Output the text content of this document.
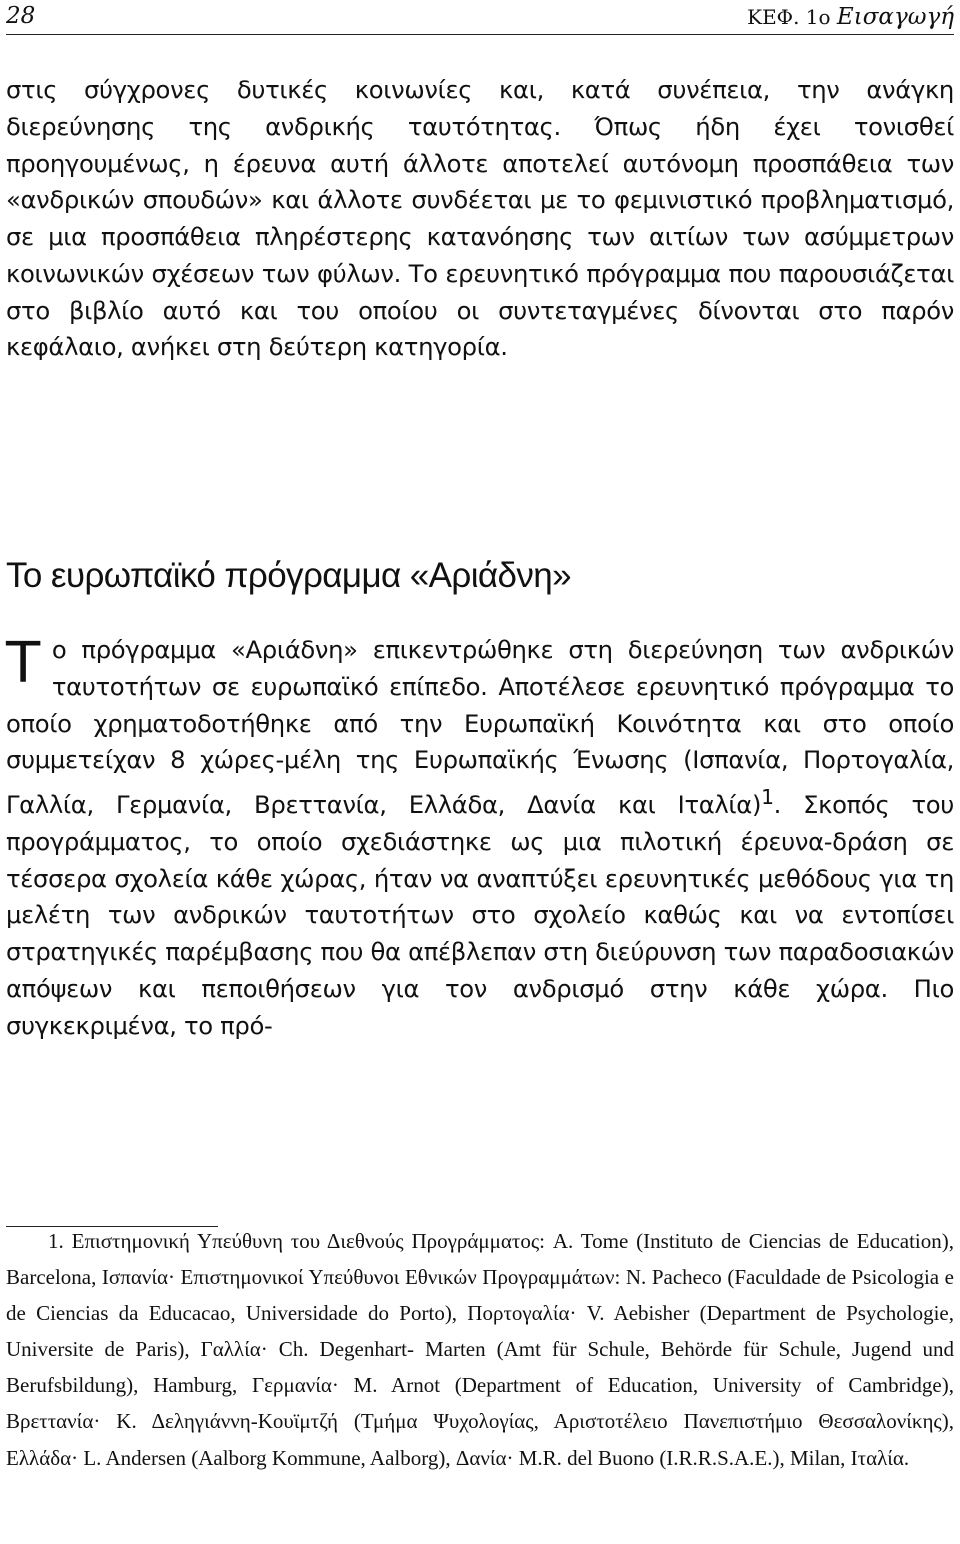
28	ΚΕΦ. 1ο Εισαγωγή

στις σύγχρονες δυτικές κοινωνίες και, κατά συνέπεια, την ανάγκη διερεύνησης της ανδρικής ταυτότητας. Όπως ήδη έχει τονισθεί προηγουμένως, η έρευνα αυτή άλλοτε αποτελεί αυτόνομη προσπάθεια των «ανδρικών σπουδών» και άλλοτε συνδέεται με το φεμινιστικό προβληματισμό, σε μια προσπάθεια πληρέστερης κατανόησης των αιτίων των ασύμμετρων κοινωνικών σχέσεων των φύλων. Το ερευνητικό πρόγραμμα που παρουσιάζεται στο βιβλίο αυτό και του οποίου οι συντεταγμένες δίνονται στο παρόν κεφάλαιο, ανήκει στη δεύτερη κατηγορία.

Το ευρωπαϊκό πρόγραμμα «Αριάδνη»

Το πρόγραμμα «Αριάδνη» επικεντρώθηκε στη διερεύνηση των ανδρικών ταυτοτήτων σε ευρωπαϊκό επίπεδο. Αποτέλεσε ερευνητικό πρόγραμμα το οποίο χρηματοδοτήθηκε από την Ευρωπαϊκή Κοινότητα και στο οποίο συμμετείχαν 8 χώρες-μέλη της Ευρωπαϊκής Ένωσης (Ισπανία, Πορτογαλία, Γαλλία, Γερμανία, Βρεττανία, Ελλάδα, Δανία και Ιταλία)$^1$. Σκοπός του προγράμματος, το οποίο σχεδιάστηκε ως μια πιλοτική έρευνα-δράση σε τέσσερα σχολεία κάθε χώρας, ήταν να αναπτύξει ερευνητικές μεθόδους για τη μελέτη των ανδρικών ταυτοτήτων στο σχολείο καθώς και να εντοπίσει στρατηγικές παρέμβασης που θα απέβλεπαν στη διεύρυνση των παραδοσιακών απόψεων και πεποιθήσεων για τον ανδρισμό στην κάθε χώρα. Πιο συγκεκριμένα, το πρό-

1. Επιστημονική Υπεύθυνη του Διεθνούς Προγράμματος: A. Tome (Instituto de Ciencias de Education), Barcelona, Ισπανία· Επιστημονικοί Υπεύθυνοι Εθνικών Προγραμμάτων: N. Pacheco (Faculdade de Psicologia e de Ciencias da Educacao, Universidade do Porto), Πορτογαλία· V. Aebisher (Department de Psychologie, Universite de Paris), Γαλλία· Ch. Degenhart- Marten (Amt für Schule, Behörde für Schule, Jugend und Berufsbildung), Hamburg, Γερμανία· M. Arnot (Department of Education, University of Cambridge), Βρεττανία· Κ. Δεληγιάννη-Κουϊμτζή (Τμήμα Ψυχολογίας, Αριστοτέλειο Πανεπιστήμιο Θεσσαλονίκης), Ελλάδα· L. Andersen (Aalborg Kommune, Aalborg), Δανία· M.R. del Buono (I.R.R.S.A.E.), Milan, Ιταλία.
